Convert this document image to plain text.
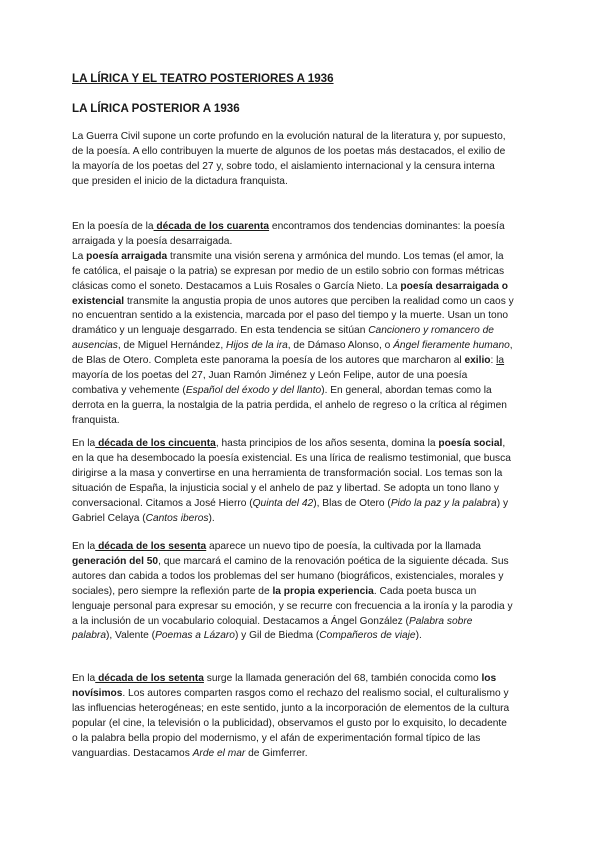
LA LÍRICA Y EL TEATRO POSTERIORES A 1936
LA LÍRICA POSTERIOR A 1936

La Guerra Civil supone un corte profundo en la evolución natural de la literatura y, por supuesto, de la poesía. A ello contribuyen la muerte de algunos de los poetas más destacados, el exilio de la mayoría de los poetas del 27 y, sobre todo, el aislamiento internacional y la censura interna que presiden el inicio de la dictadura franquista.

En la poesía de la década de los cuarenta encontramos dos tendencias dominantes: la poesía arraigada y la poesía desarraigada.
La poesía arraigada transmite una visión serena y armónica del mundo. Los temas (el amor, la fe católica, el paisaje o la patria) se expresan por medio de un estilo sobrio con formas métricas clásicas como el soneto. Destacamos a Luis Rosales o García Nieto. La poesía desarraigada o existencial transmite la angustia propia de unos autores que perciben la realidad como un caos y no encuentran sentido a la existencia, marcada por el paso del tiempo y la muerte. Usan un tono dramático y un lenguaje desgarrado. En esta tendencia se sitúan Cancionero y romancero de ausencias, de Miguel Hernández, Hijos de la ira, de Dámaso Alonso, o Ángel fieramente humano, de Blas de Otero. Completa este panorama la poesía de los autores que marcharon al exilio: la mayoría de los poetas del 27, Juan Ramón Jiménez y León Felipe, autor de una poesía combativa y vehemente (Español del éxodo y del llanto). En general, abordan temas como la derrota en la guerra, la nostalgia de la patria perdida, el anhelo de regreso o la crítica al régimen franquista.

En la década de los cincuenta, hasta principios de los años sesenta, domina la poesía social, en la que ha desembocado la poesía existencial. Es una lírica de realismo testimonial, que busca dirigirse a la masa y convertirse en una herramienta de transformación social. Los temas son la situación de España, la injusticia social y el anhelo de paz y libertad. Se adopta un tono llano y conversacional. Citamos a José Hierro (Quinta del 42), Blas de Otero (Pido la paz y la palabra) y Gabriel Celaya (Cantos iberos).

En la década de los sesenta aparece un nuevo tipo de poesía, la cultivada por la llamada generación del 50, que marcará el camino de la renovación poética de la siguiente década. Sus autores dan cabida a todos los problemas del ser humano (biográficos, existenciales, morales y sociales), pero siempre la reflexión parte de la propia experiencia. Cada poeta busca un lenguaje personal para expresar su emoción, y se recurre con frecuencia a la ironía y la parodia y a la inclusión de un vocabulario coloquial. Destacamos a Ángel González (Palabra sobre palabra), Valente (Poemas a Lázaro) y Gil de Biedma (Compañeros de viaje).

En la década de los setenta surge la llamada generación del 68, también conocida como los novísimos. Los autores comparten rasgos como el rechazo del realismo social, el culturalismo y las influencias heterogéneas; en este sentido, junto a la incorporación de elementos de la cultura popular (el cine, la televisión o la publicidad), observamos el gusto por lo exquisito, lo decadente o la palabra bella propio del modernismo, y el afán de experimentación formal típico de las vanguardias. Destacamos Arde el mar de Gimferrer.
